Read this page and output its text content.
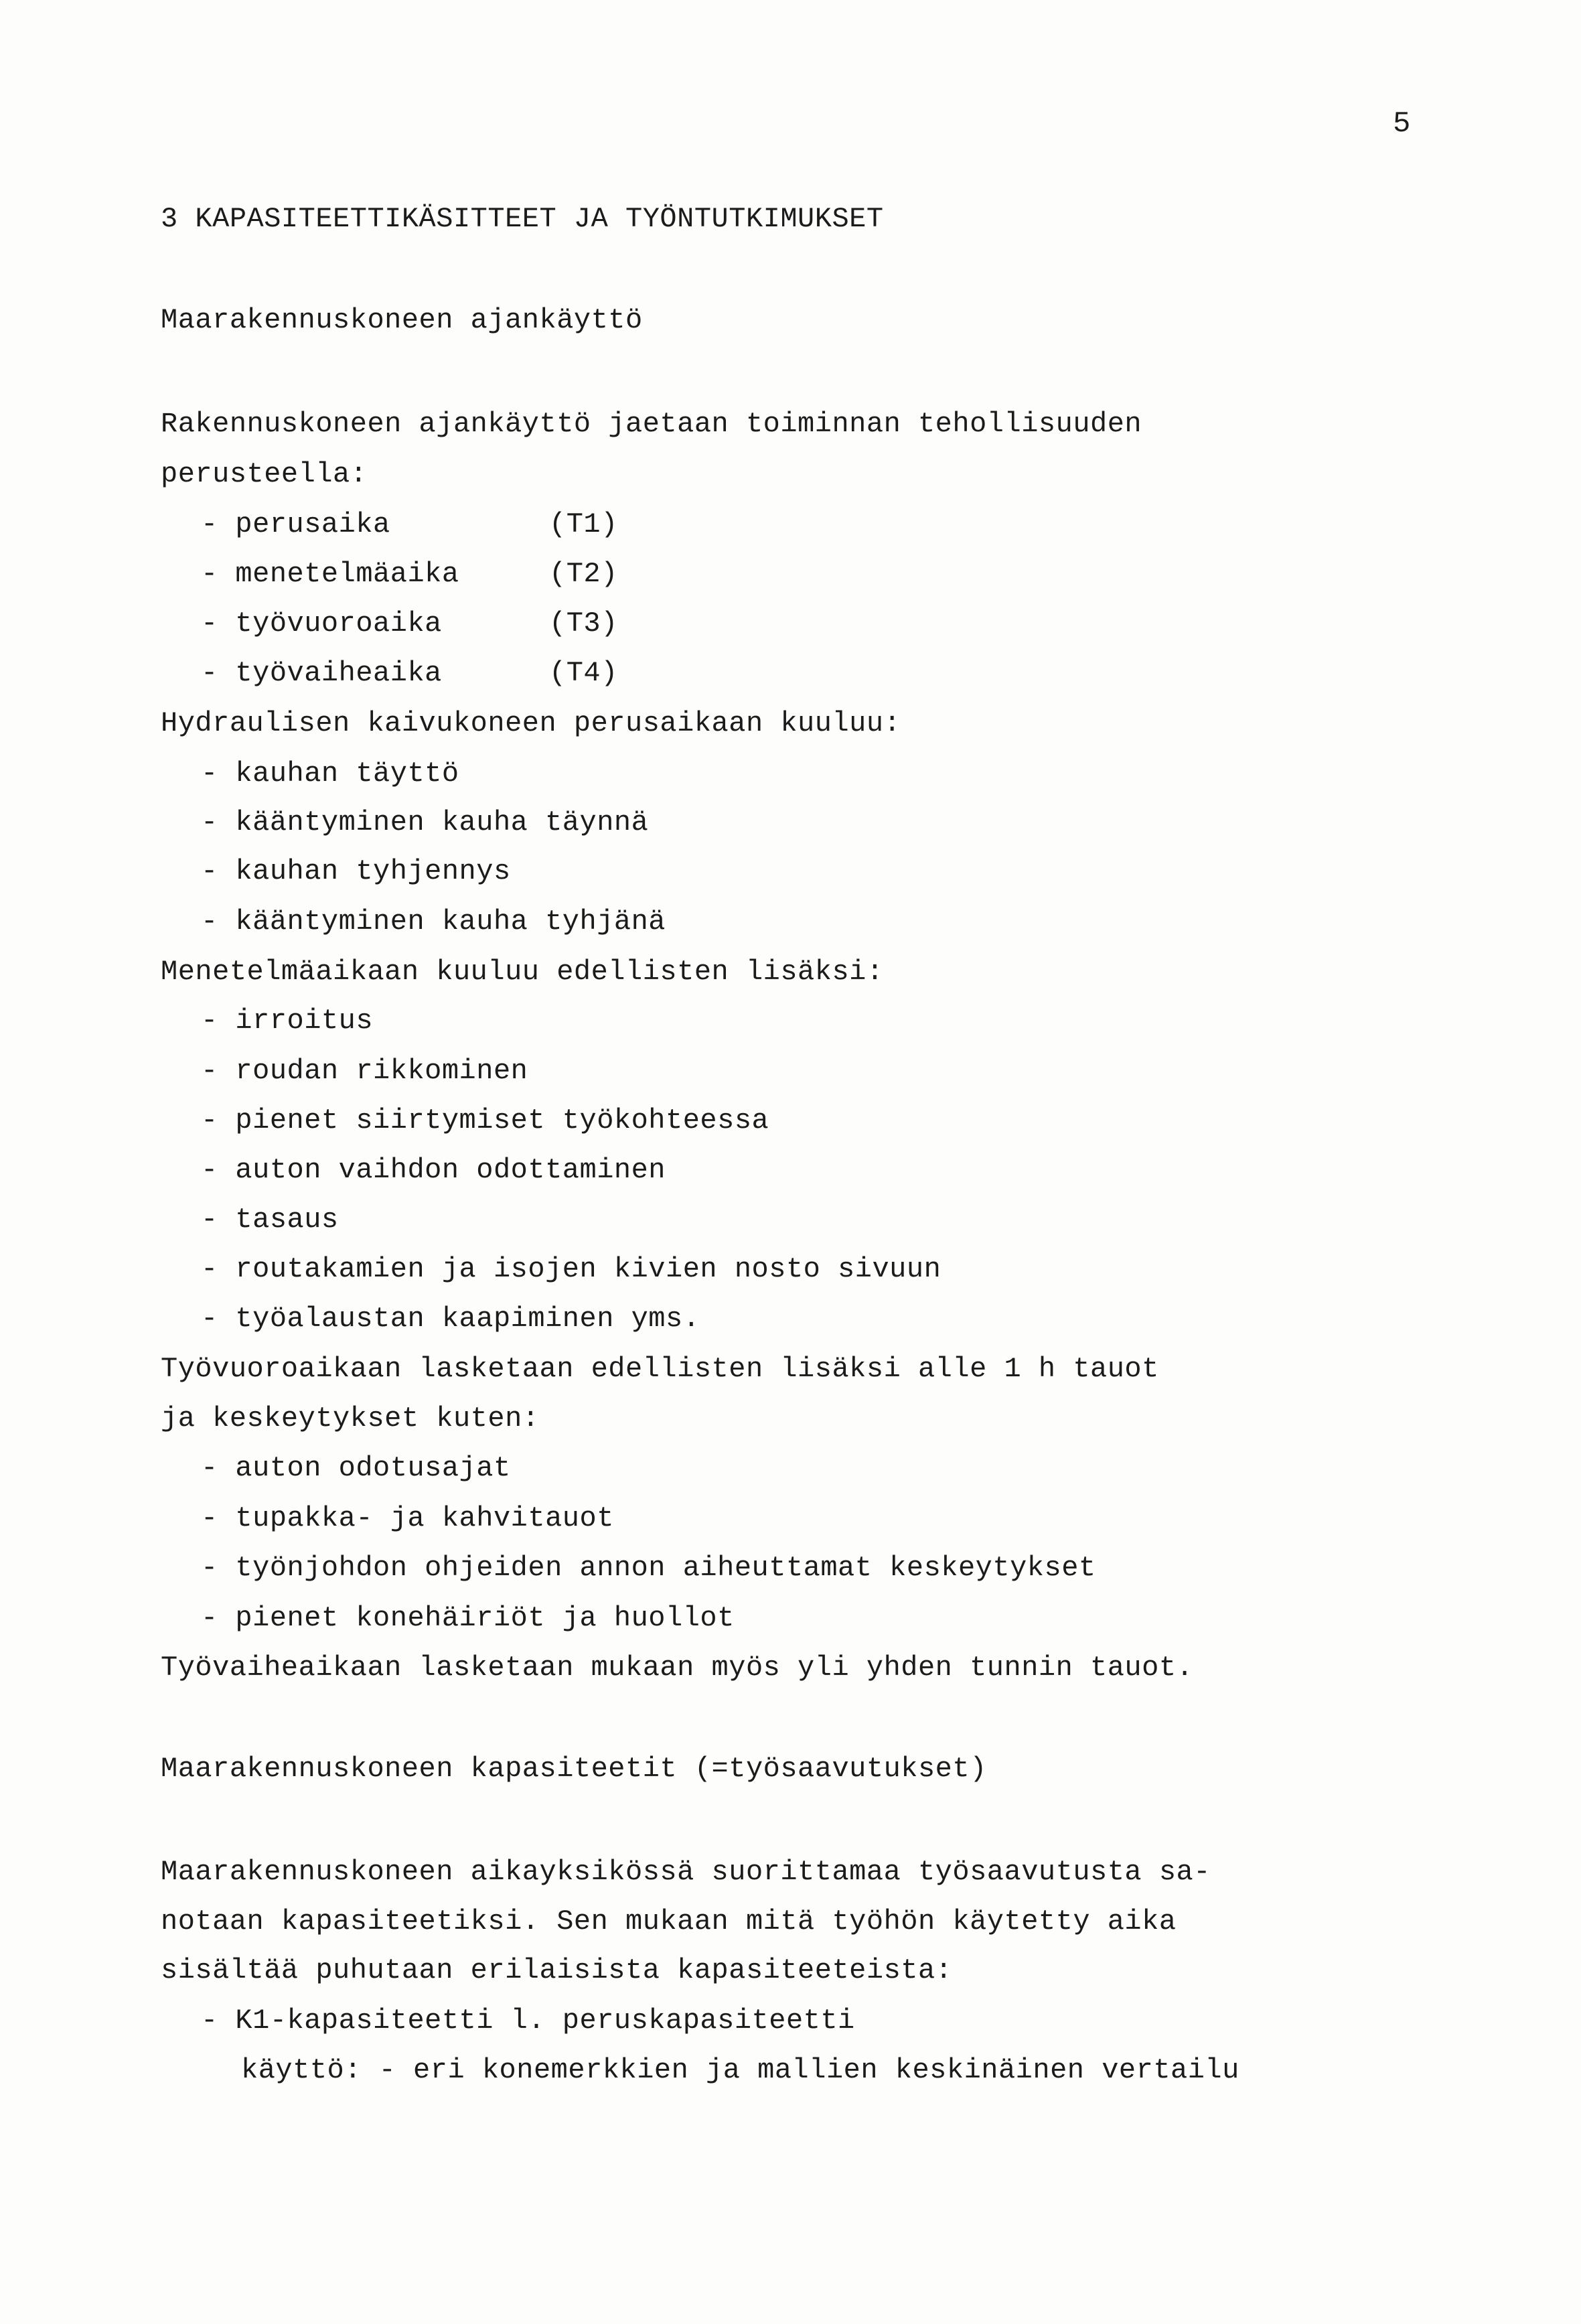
5
3 KAPASITEETTIKÄSITTEET JA TYÖNTUTKIMUKSET
Maarakennuskoneen ajankäyttö
Rakennuskoneen ajankäyttö jaetaan toiminnan tehollisuuden
perusteella:
- perusaika	(T1)
- menetelmäaika	(T2)
- työvuoroaika	(T3)
- työvaiheaika	(T4)
Hydraulisen kaivukoneen perusaikaan kuuluu:
- kauhan täyttö
- kääntyminen kauha täynnä
- kauhan tyhjennys
- kääntyminen kauha tyhjänä
Menetelmäaikaan kuuluu edellisten lisäksi:
- irroitus
- roudan rikkominen
- pienet siirtymiset työkohteessa
- auton vaihdon odottaminen
- tasaus
- routakamien ja isojen kivien nosto sivuun
- työalaustan kaapiminen yms.
Työvuoroaikaan lasketaan edellisten lisäksi alle 1 h tauot
ja keskeytykset kuten:
- auton odotusajat
- tupakka- ja kahvitauot
- työnjohdon ohjeiden annon aiheuttamat keskeytykset
- pienet konehäiriöt ja huollot
Työvaiheaikaan lasketaan mukaan myös yli yhden tunnin tauot.
Maarakennuskoneen kapasiteetit (=työsaavutukset)
Maarakennuskoneen aikayksikössä suorittamaa työsaavutusta sa-
notaan kapasiteetiksi. Sen mukaan mitä työhön käytetty aika
sisältää puhutaan erilaisista kapasiteeteista:
- K1-kapasiteetti l. peruskapasiteetti
käyttö: - eri konemerkkien ja mallien keskinäinen vertailu
